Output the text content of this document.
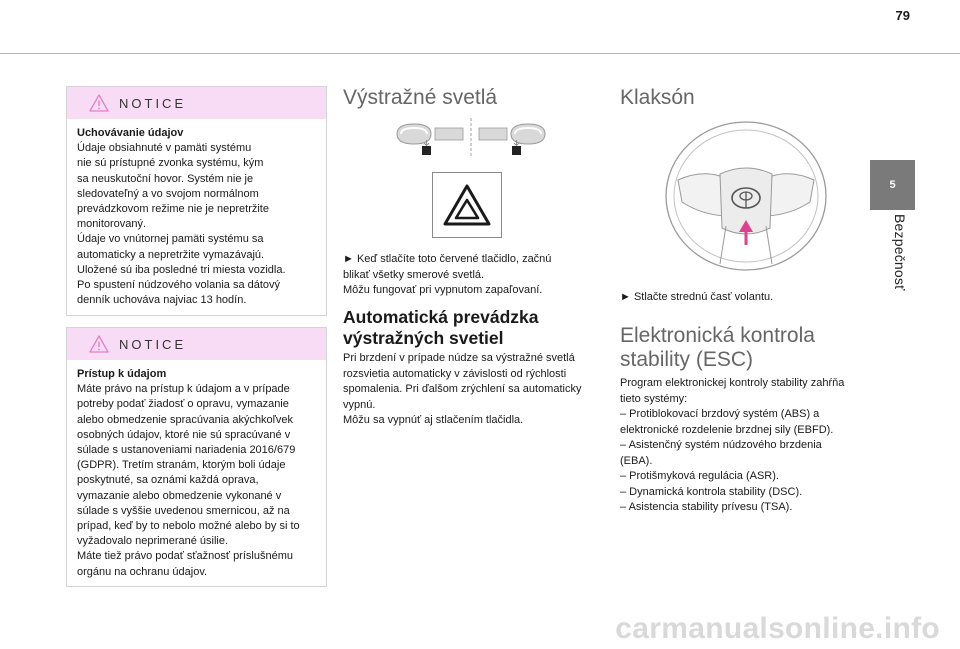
79
5
Bezpečnosť
NOTICE
Uchovávanie údajov
Údaje obsiahnuté v pamäti systému
nie sú prístupné zvonka systému, kým
sa neuskutoční hovor. Systém nie je
sledovateľný a vo svojom normálnom
prevádzkovom režime nie je nepretržite
monitorovaný.
Údaje vo vnútornej pamäti systému sa
automaticky a nepretržite vymazávajú.
Uložené sú iba posledné tri miesta vozidla.
Po spustení núdzového volania sa dátový
denník uchováva najviac 13 hodín.
NOTICE
Prístup k údajom
Máte právo na prístup k údajom a v prípade
potreby podať žiadosť o opravu, vymazanie
alebo obmedzenie spracúvania akýchkoľvek
osobných údajov, ktoré nie sú spracúvané v
súlade s ustanoveniami nariadenia 2016/679
(GDPR). Tretím stranám, ktorým boli údaje
poskytnuté, sa oznámi každá oprava,
vymazanie alebo obmedzenie vykonané v
súlade s vyššie uvedenou smernicou, až na
prípad, keď by to nebolo možné alebo by si to
vyžadovalo neprimerané úsilie.
Máte tiež právo podať sťažnosť príslušnému
orgánu na ochranu údajov.
Výstražné svetlá
► Keď stlačíte toto červené tlačidlo, začnú
blikať všetky smerové svetlá.
Môžu fungovať pri vypnutom zapaľovaní.
Automatická prevádzka
výstražných svetiel
Pri brzdení v prípade núdze sa výstražné svetlá
rozsvietia automaticky v závislosti od rýchlosti
spomalenia. Pri ďalšom zrýchlení sa automaticky
vypnú.
Môžu sa vypnúť aj stlačením tlačidla.
Klaksón
► Stlačte strednú časť volantu.
Elektronická kontrola
stability (ESC)
Program elektronickej kontroly stability zahŕňa
tieto systémy:
– Protiblokovací brzdový systém (ABS) a
elektronické rozdelenie brzdnej sily (EBFD).
– Asistenčný systém núdzového brzdenia
(EBA).
– Protišmyková regulácia (ASR).
– Dynamická kontrola stability (DSC).
– Asistencia stability prívesu (TSA).
carmanualsonline.info
